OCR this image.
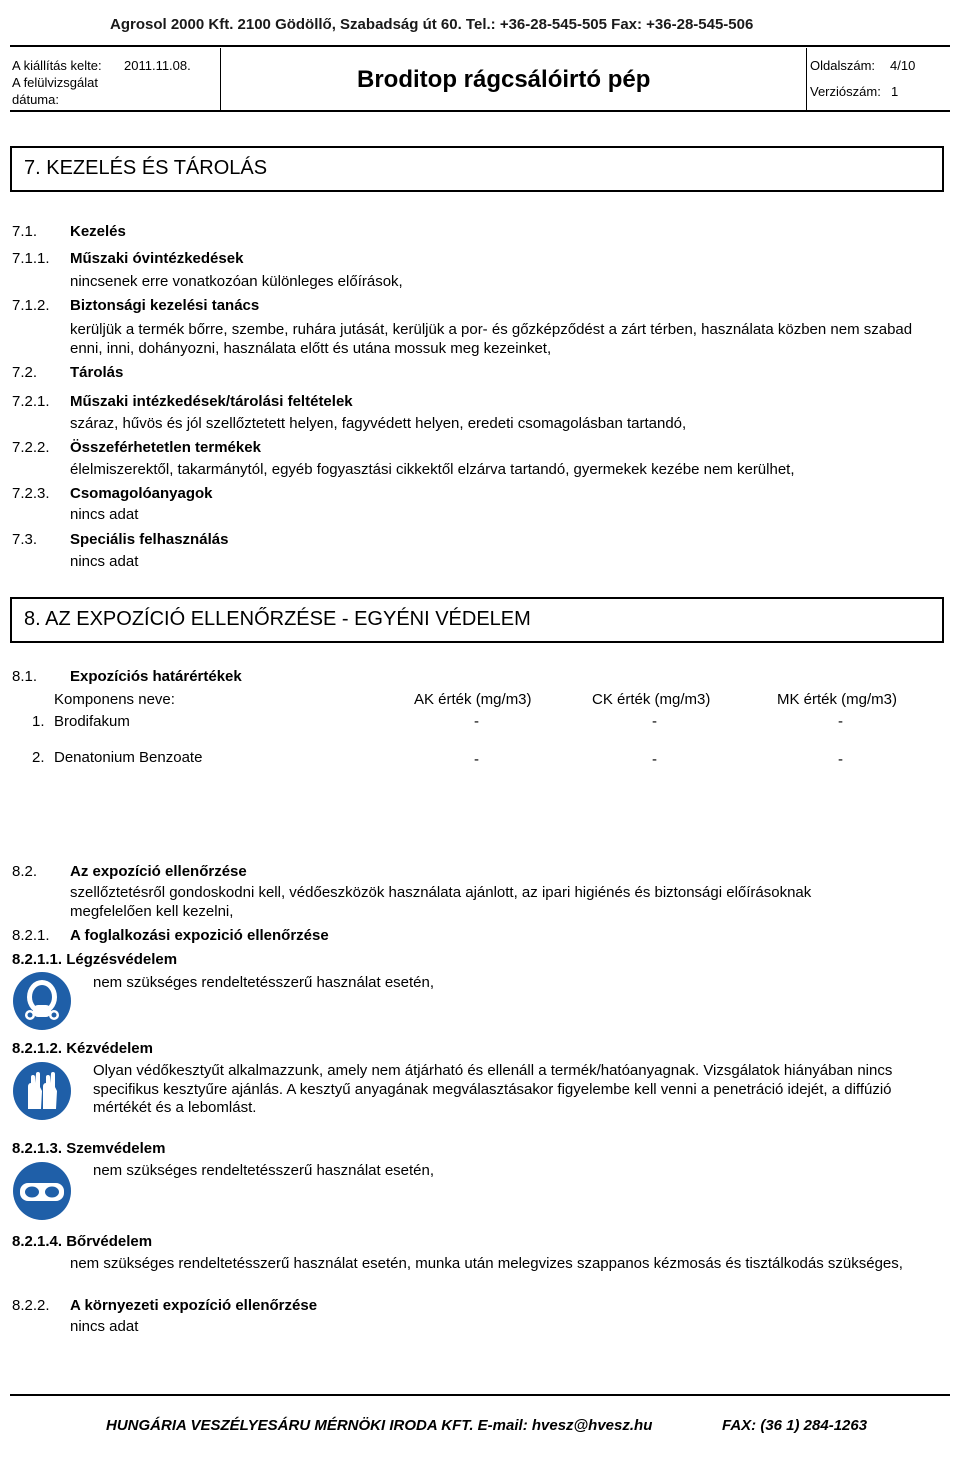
Agrosol 2000 Kft. 2100 Gödöllő, Szabadság út 60. Tel.: +36-28-545-505 Fax: +36-28-545-506
A kiállítás kelte: 2011.11.08.
A felülvizsgálat
dátuma:
Broditop rágcsálóirtó pép
Oldalszám: 4/10
Verziószám: 1
7. KEZELÉS ÉS TÁROLÁS
7.1. Kezelés
7.1.1. Műszaki óvintézkedések
nincsenek erre vonatkozóan különleges előírások,
7.1.2. Biztonsági kezelési tanács
kerüljük a termék bőrre, szembe, ruhára jutását, kerüljük a por- és gőzképződést a zárt térben, használata közben nem szabad enni, inni, dohányozni, használata előtt és utána mossuk meg kezeinket,
7.2. Tárolás
7.2.1. Műszaki intézkedések/tárolási feltételek
száraz, hűvös és jól szellőztetett helyen, fagyvédett helyen, eredeti csomagolásban tartandó,
7.2.2. Összeférhetetlen termékek
élelmiszerektől, takarmánytól, egyéb fogyasztási cikkektől elzárva tartandó, gyermekek kezébe nem kerülhet,
7.2.3. Csomagolóanyagok
nincs adat
7.3. Speciális felhasználás
nincs adat
8. AZ EXPOZÍCIÓ ELLENŐRZÉSE - EGYÉNI VÉDELEM
8.1. Expozíciós határértékek
Komponens neve:	AK érték (mg/m3)	CK érték (mg/m3)	MK érték (mg/m3)
1. Brodifakum	-	-	-
2. Denatonium Benzoate	-	-	-
8.2. Az expozíció ellenőrzése
szellőztetésről gondoskodni kell, védőeszközök használata ajánlott, az ipari higiénés és biztonsági előírásoknak megfelelően kell kezelni,
8.2.1. A foglalkozási expozició ellenőrzése
8.2.1.1. Légzésvédelem
nem szükséges rendeltetésszerű használat esetén,
8.2.1.2. Kézvédelem
Olyan védőkesztyűt alkalmazzunk, amely nem átjárható és ellenáll a termék/hatóanyagnak. Vizsgálatok hiányában nincs specifikus kesztyűre ajánlás. A kesztyű anyagának megválasztásakor figyelembe kell venni a penetráció idejét, a diffúzió mértékét és a lebomlást.
8.2.1.3. Szemvédelem
nem szükséges rendeltetésszerű használat esetén,
8.2.1.4. Bőrvédelem
nem szükséges rendeltetésszerű használat esetén, munka után melegvizes szappanos kézmosás és tisztálkodás szükséges,
8.2.2. A környezeti expozíció ellenőrzése
nincs adat
HUNGÁRIA VESZÉLYESÁRU MÉRNÖKI IRODA KFT. E-mail: hvesz@hvesz.hu	FAX: (36 1) 284-1263
